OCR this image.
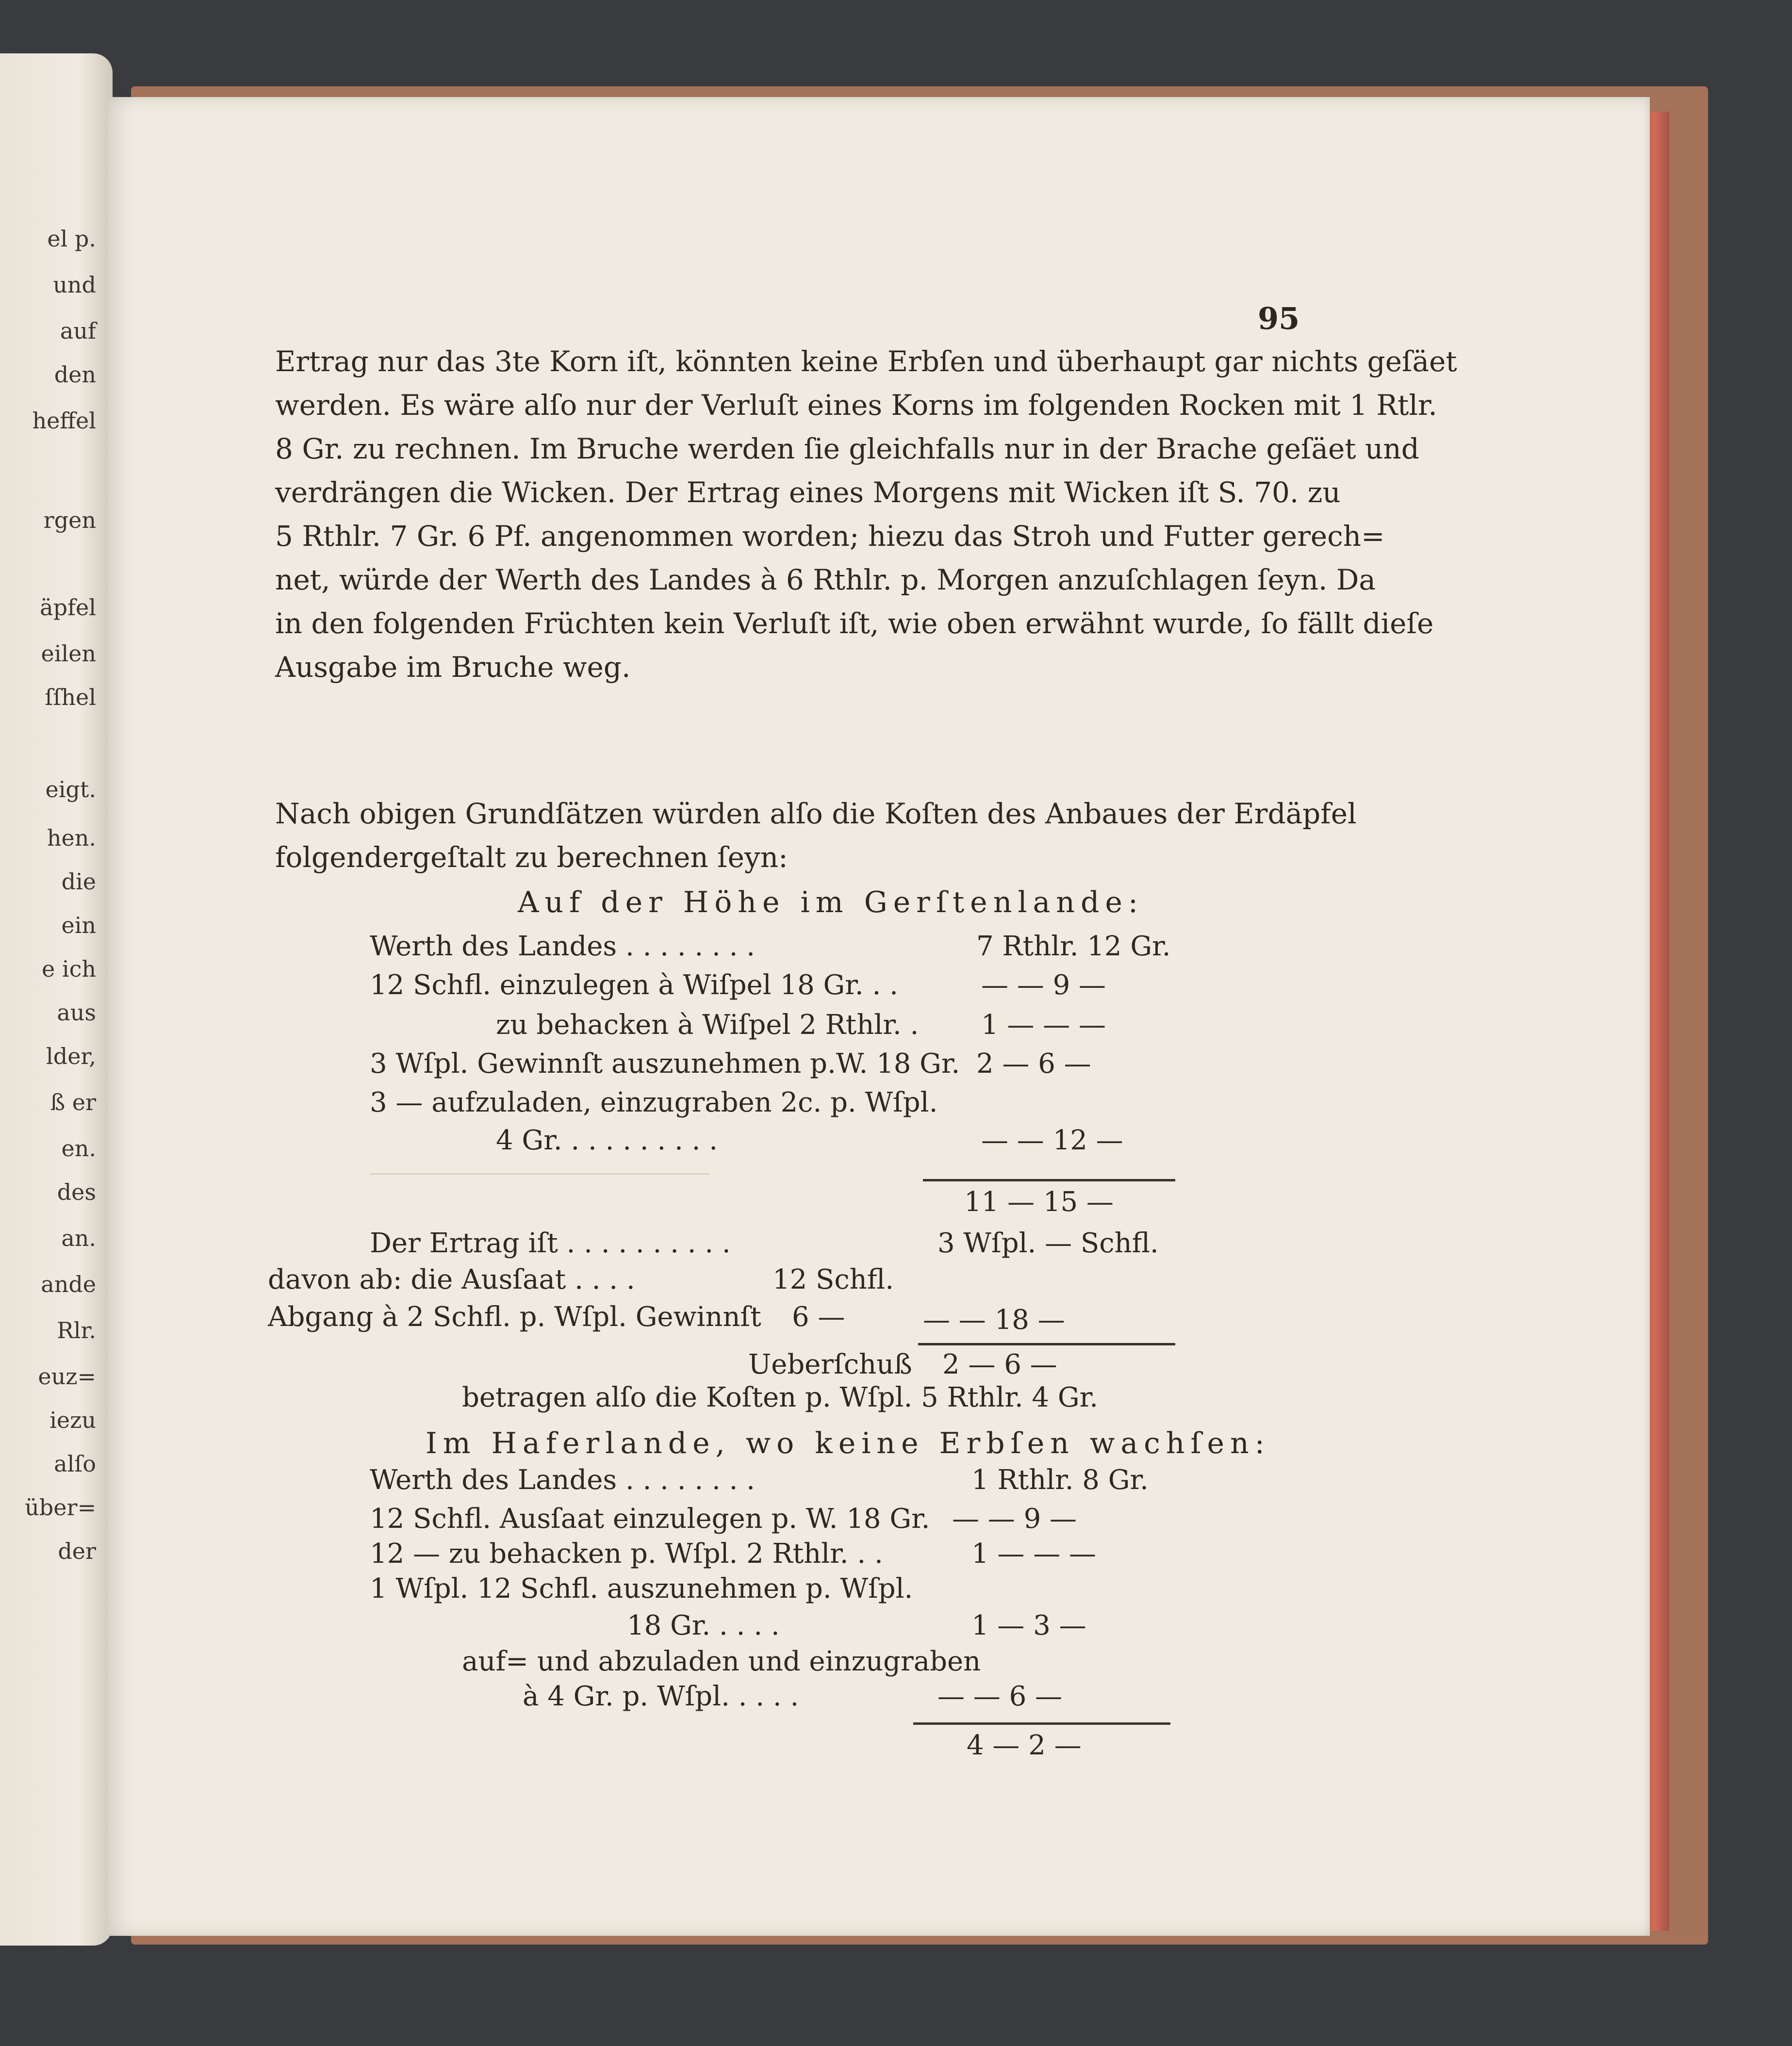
el p.
und
auf
den
heffel
rgen
äpfel
eilen
ſſhel
eigt.
hen.
die
ein
e ich
aus
lder,
ß er
en.
des
an.
ande
Rlr.
euz=
iezu
alſo
über=
der
95
Ertrag nur das 3te Korn iſt, könnten keine Erbſen und überhaupt gar nichts geſäet
werden. Es wäre alſo nur der Verluſt eines Korns im folgenden Rocken mit 1 Rtlr.
8 Gr. zu rechnen. Im Bruche werden ſie gleichfalls nur in der Brache geſäet und
verdrängen die Wicken. Der Ertrag eines Morgens mit Wicken iſt S. 70. zu
5 Rthlr. 7 Gr. 6 Pf. angenommen worden; hiezu das Stroh und Futter gerech=
net, würde der Werth des Landes à 6 Rthlr. p. Morgen anzuſchlagen ſeyn. Da
in den folgenden Früchten kein Verluſt iſt, wie oben erwähnt wurde, ſo fällt dieſe
Ausgabe im Bruche weg.
Nach obigen Grundſätzen würden alſo die Koſten des Anbaues der Erdäpfel
folgendergeſtalt zu berechnen ſeyn:
Auf der Höhe im Gerſtenlande:
Werth des Landes . . . . . . . .	7 Rthlr. 12 Gr.
12 Schfl. einzulegen à Wiſpel 18 Gr. . .	— — 9 —
zu behacken à Wiſpel 2 Rthlr. . 1 — — —
3 Wſpl. Gewinnſt auszunehmen p.W. 18 Gr. 2 — 6 —
3 — aufzuladen, einzugraben 2c. p. Wſpl.
4 Gr. . . . . . . . . .	— — 12 —
11 — 15 —
Der Ertrag iſt . . . . . . . . . .	3 Wſpl. — Schfl.
davon ab: die Ausſaat . . . .	12 Schfl.
Abgang à 2 Schfl. p. Wſpl. Gewinnſt 6 —	— — 18 —
Ueberſchuß 2 — 6 —
betragen alſo die Koſten p. Wſpl. 5 Rthlr. 4 Gr.
Im Haferlande, wo keine Erbſen wachſen:
Werth des Landes . . . . . . . .	1 Rthlr. 8 Gr.
12 Schfl. Ausſaat einzulegen p. W. 18 Gr. — — 9 —
12 — zu behacken p. Wſpl. 2 Rthlr. . .	1 — — —
1 Wſpl. 12 Schfl. auszunehmen p. Wſpl.
18 Gr. . . . .	1 — 3 —
auf= und abzuladen und einzugraben
à 4 Gr. p. Wſpl. . . . .	— — 6 —
4 — 2 —
